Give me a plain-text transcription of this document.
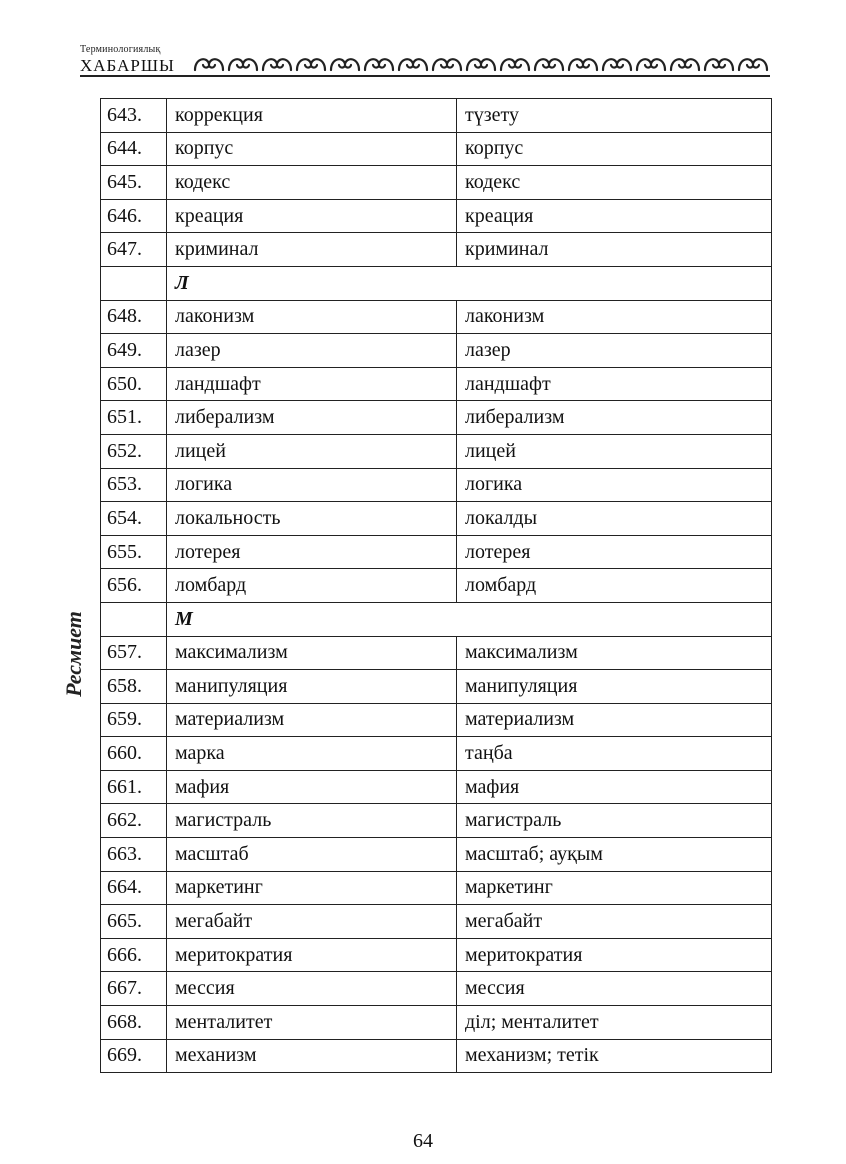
Терминологиялық
ХАБАРШЫ
Ресмиет
643.	коррекция	түзету
644.	корпус	корпус
645.	кодекс	кодекс
646.	креация	креация
647.	криминал	криминал
	Л	
648.	лаконизм	лаконизм
649.	лазер	лазер
650.	ландшафт	ландшафт
651.	либерализм	либерализм
652.	лицей	лицей
653.	логика	логика
654.	локальность	локалды
655.	лотерея	лотерея
656.	ломбард	ломбард
	М	
657.	максимализм	максимализм
658.	манипуляция	манипуляция
659.	материализм	материализм
660.	марка	таңба
661.	мафия	мафия
662.	магистраль	магистраль
663.	масштаб	масштаб; ауқым
664.	маркетинг	маркетинг
665.	мегабайт	мегабайт
666.	меритократия	меритократия
667.	мессия	мессия
668.	менталитет	діл; менталитет
669.	механизм	механизм; тетік
64
